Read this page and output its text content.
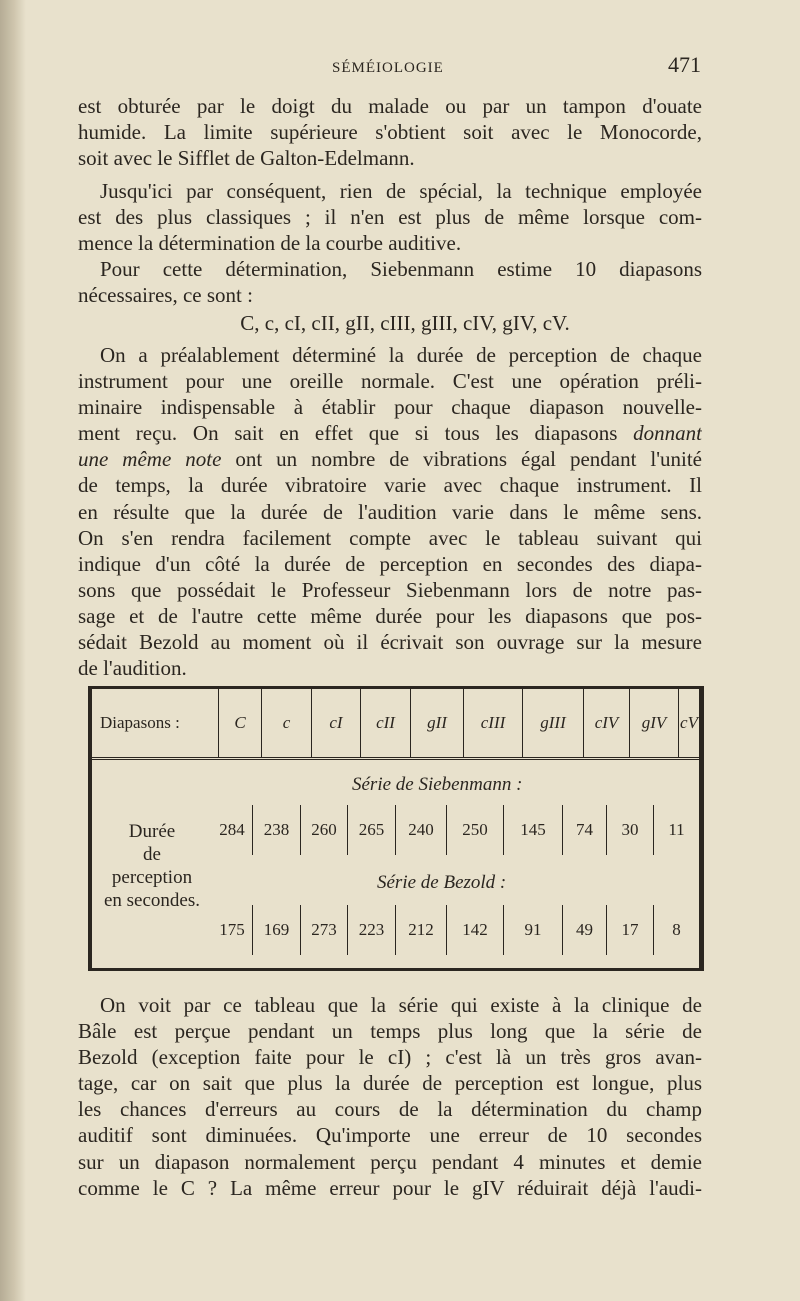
SÉMÉIOLOGIE	471
est obturée par le doigt du malade ou par un tampon d'ouate
humide. La limite supérieure s'obtient soit avec le Monocorde,
soit avec le Sifflet de Galton-Edelmann.
Jusqu'ici par conséquent, rien de spécial, la technique employée
est des plus classiques ; il n'en est plus de même lorsque com-
mence la détermination de la courbe auditive.
Pour cette détermination, Siebenmann estime 10 diapasons
nécessaires, ce sont :
C, c, cI, cII, gII, cIII, gIII, cIV, gIV, cV.
On a préalablement déterminé la durée de perception de chaque
instrument pour une oreille normale. C'est une opération préli-
minaire indispensable à établir pour chaque diapason nouvelle-
ment reçu. On sait en effet que si tous les diapasons donnant
une même note ont un nombre de vibrations égal pendant l'unité
de temps, la durée vibratoire varie avec chaque instrument. Il
en résulte que la durée de l'audition varie dans le même sens.
On s'en rendra facilement compte avec le tableau suivant qui
indique d'un côté la durée de perception en secondes des diapa-
sons que possédait le Professeur Siebenmann lors de notre pas-
sage et de l'autre cette même durée pour les diapasons que pos-
sédait Bezold au moment où il écrivait son ouvrage sur la mesure
de l'audition.
Diapasons :	C	c	cI	cII	gII	cIII	gIII	cIV	gIV	cV
Durée
de
perception
en secondes.
Série de Siebenmann :
284	238	260	265	240	250	145	74	30	11
Série de Bezold :
175	169	273	223	212	142	91	49	17	8
On voit par ce tableau que la série qui existe à la clinique de
Bâle est perçue pendant un temps plus long que la série de
Bezold (exception faite pour le cI) ; c'est là un très gros avan-
tage, car on sait que plus la durée de perception est longue, plus
les chances d'erreurs au cours de la détermination du champ
auditif sont diminuées. Qu'importe une erreur de 10 secondes
sur un diapason normalement perçu pendant 4 minutes et demie
comme le C ? La même erreur pour le gIV réduirait déjà l'audi-
